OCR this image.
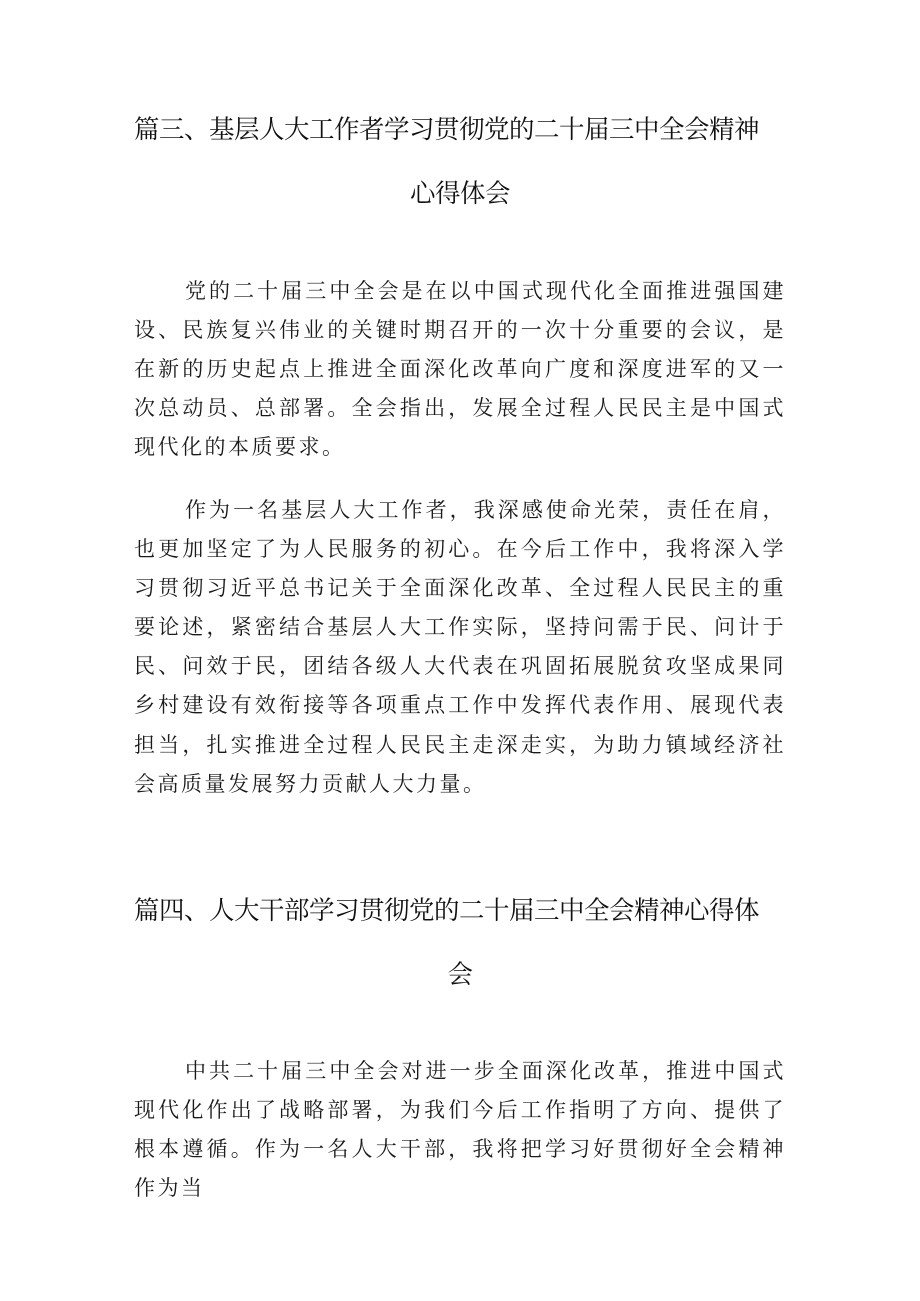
篇三、基层人大工作者学习贯彻党的二十届三中全会精神
心得体会

党的二十届三中全会是在以中国式现代化全面推进强国建设、民族复兴伟业的关键时期召开的一次十分重要的会议，是在新的历史起点上推进全面深化改革向广度和深度进军的又一次总动员、总部署。全会指出，发展全过程人民民主是中国式现代化的本质要求。

作为一名基层人大工作者，我深感使命光荣，责任在肩，也更加坚定了为人民服务的初心。在今后工作中，我将深入学习贯彻习近平总书记关于全面深化改革、全过程人民民主的重要论述，紧密结合基层人大工作实际，坚持问需于民、问计于民、问效于民，团结各级人大代表在巩固拓展脱贫攻坚成果同乡村建设有效衔接等各项重点工作中发挥代表作用、展现代表担当，扎实推进全过程人民民主走深走实，为助力镇域经济社会高质量发展努力贡献人大力量。

篇四、人大干部学习贯彻党的二十届三中全会精神心得体
会

中共二十届三中全会对进一步全面深化改革，推进中国式现代化作出了战略部署，为我们今后工作指明了方向、提供了根本遵循。作为一名人大干部，我将把学习好贯彻好全会精神作为当
